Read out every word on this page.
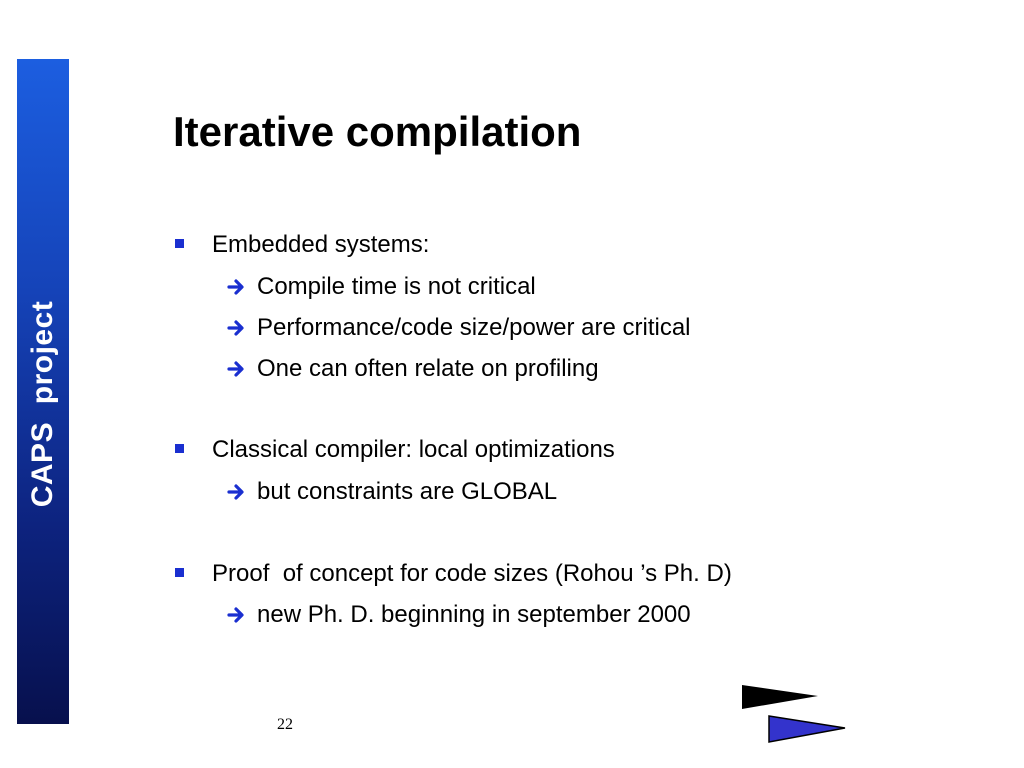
CAPS  project
Iterative compilation

Embedded systems:

Compile time is not critical

Performance/code size/power are critical

One can often relate on profiling

Classical compiler: local optimizations

but constraints are GLOBAL

Proof  of concept for code sizes (Rohou ’s Ph. D)

new Ph. D. beginning in september 2000

22
